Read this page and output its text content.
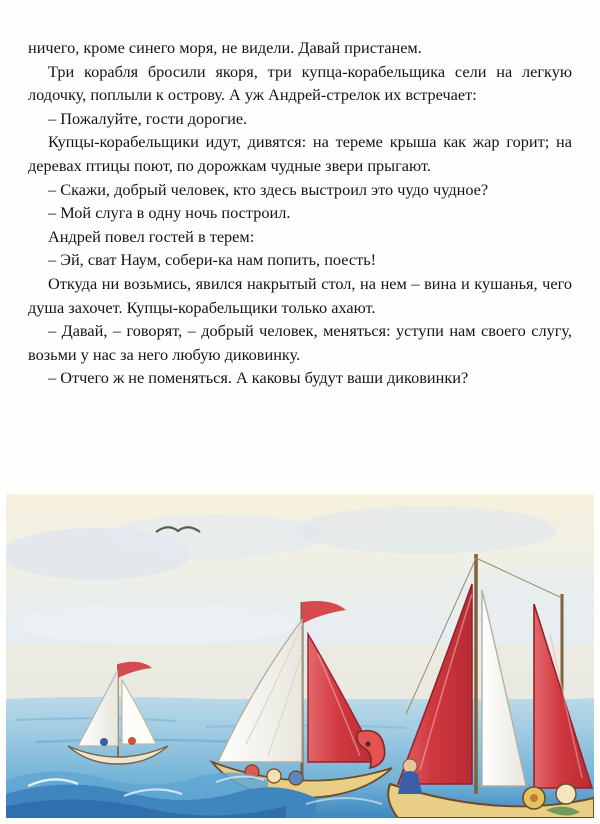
ничего, кроме синего моря, не видели. Давай пристанем.

Три корабля бросили якоря, три купца-корабельщика сели на легкую лодочку, поплыли к острову. А уж Андрей-стрелок их встречает:

– Пожалуйте, гости дорогие.

Купцы-корабельщики идут, дивятся: на тереме крыша как жар горит; на деревах птицы поют, по дорожкам чудные звери прыгают.

– Скажи, добрый человек, кто здесь выстроил это чудо чудное?

– Мой слуга в одну ночь построил.

Андрей повел гостей в терем:

– Эй, сват Наум, собери-ка нам попить, поесть!

Откуда ни возьмись, явился накрытый стол, на нем – вина и кушанья, чего душа захочет. Купцы-корабельщики только ахают.

– Давай, – говорят, – добрый человек, меняться: уступи нам своего слугу, возьми у нас за него любую диковинку.

– Отчего ж не поменяться. А каковы будут ваши диковинки?
